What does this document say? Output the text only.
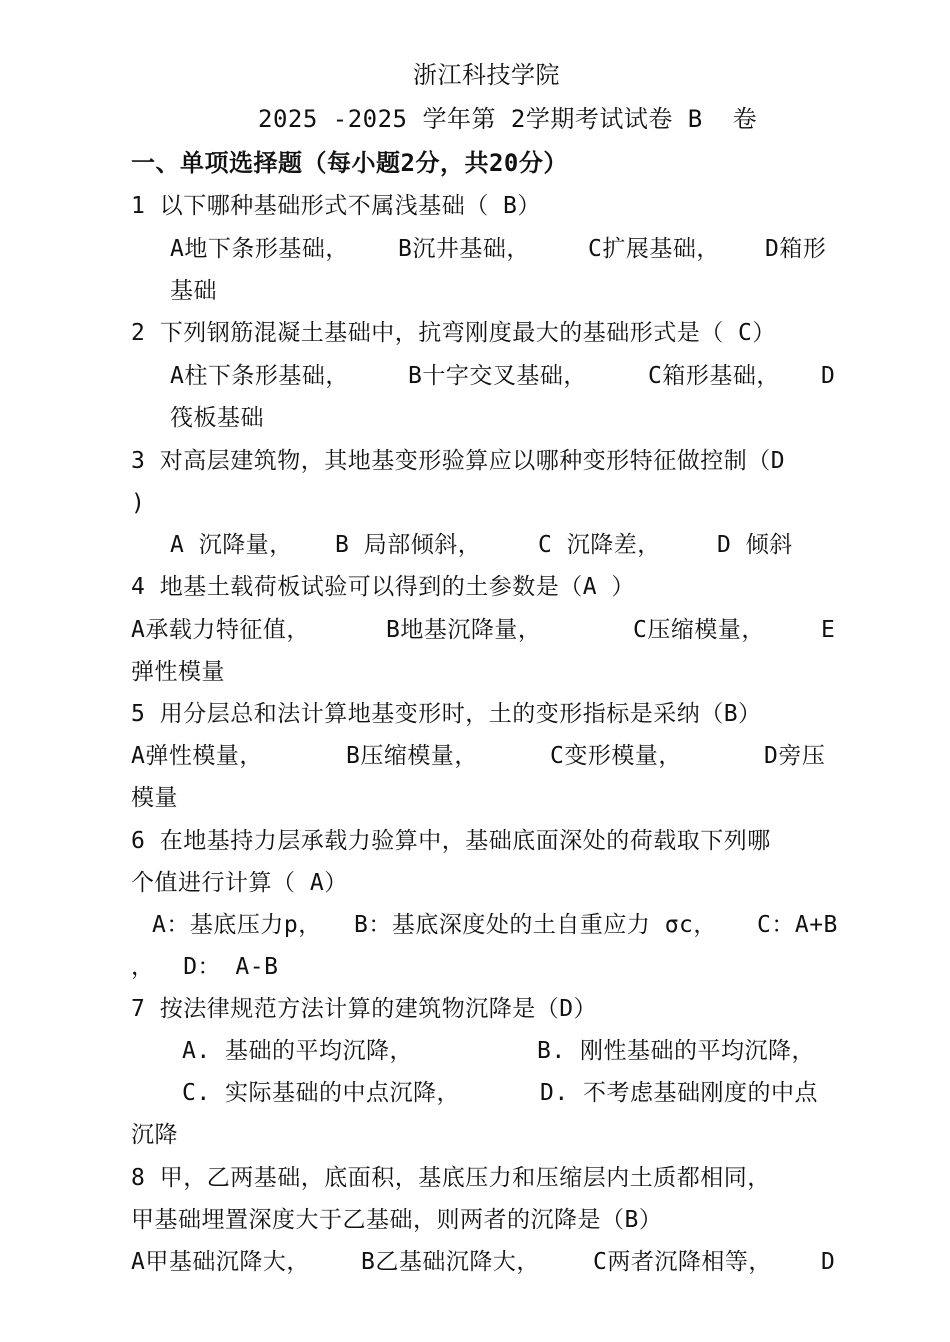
浙江科技学院
2025 -2025 学年第 2学期考试试卷 B  卷
一、单项选择题（每小题2分，共20分）
1 以下哪种基础形式不属浅基础（ B）
A地下条形基础， B沉井基础，	C扩展基础， D箱形
基础
2 下列钢筋混凝土基础中，抗弯刚度最大的基础形式是（ C）
A柱下条形基础，	B十字交叉基础，	C箱形基础， D
筏板基础
3 对高层建筑物，其地基变形验算应以哪种变形特征做控制（D
)
A 沉降量， B 局部倾斜， C 沉降差， D 倾斜
4 地基土载荷板试验可以得到的土参数是（A ）
A承载力特征值，	B地基沉降量，	C压缩模量， E
弹性模量
5 用分层总和法计算地基变形时，土的变形指标是采纳（B）
A弹性模量，	B压缩模量，	C变形模量，	D旁压
模量
6 在地基持力层承载力验算中，基础底面深处的荷载取下列哪
个值进行计算（ A）
A：基底压力p， B：基底深度处的土自重应力 σc， C：A+B
，  D： A-B
7 按法律规范方法计算的建筑物沉降是（D）
A. 基础的平均沉降，	B. 刚性基础的平均沉降，
C. 实际基础的中点沉降，	D. 不考虑基础刚度的中点
沉降
8 甲，乙两基础，底面积，基底压力和压缩层内土质都相同，
甲基础埋置深度大于乙基础，则两者的沉降是（B）
A甲基础沉降大， B乙基础沉降大， C两者沉降相等， D
